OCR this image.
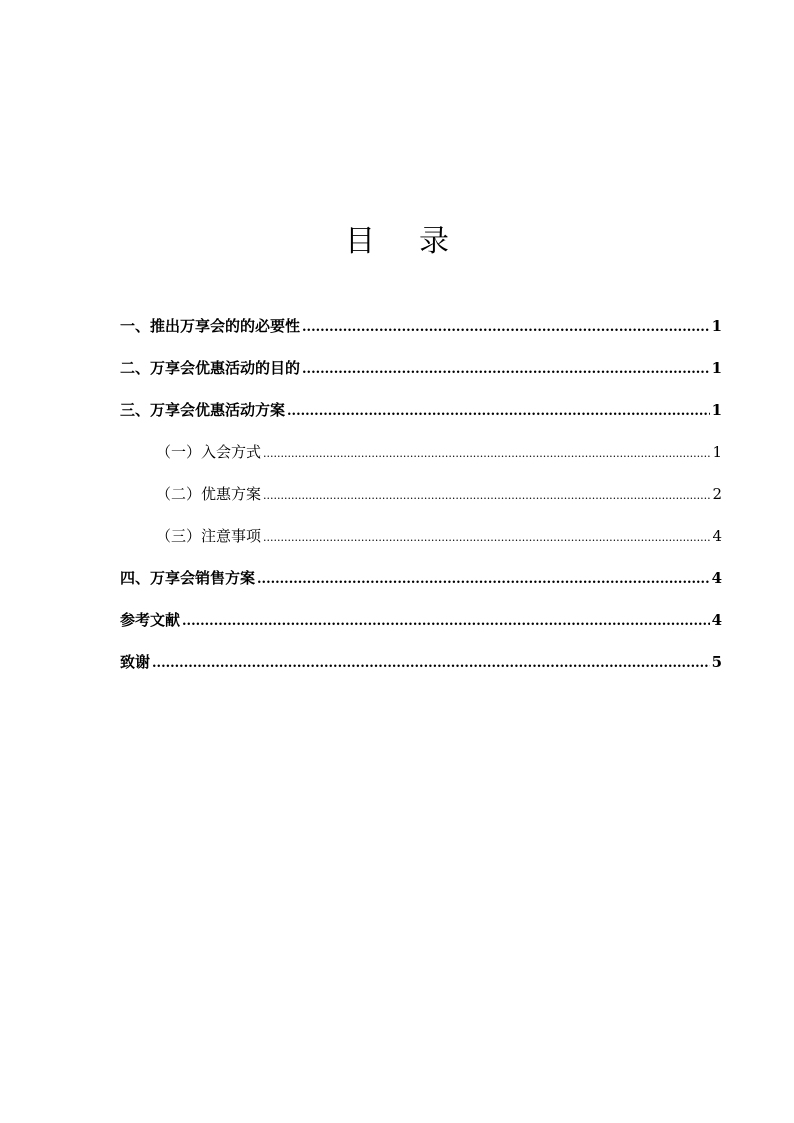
目 录
一、推出万享会的的必要性 .....	1
二、万享会优惠活动的目的 .....	1
三、万享会优惠活动方案 .....	1
（一）入会方式 .....	1
（二）优惠方案 .....	2
（三）注意事项 .....	4
四、万享会销售方案 .....	4
参考文献 .....	4
致谢 .....	5
